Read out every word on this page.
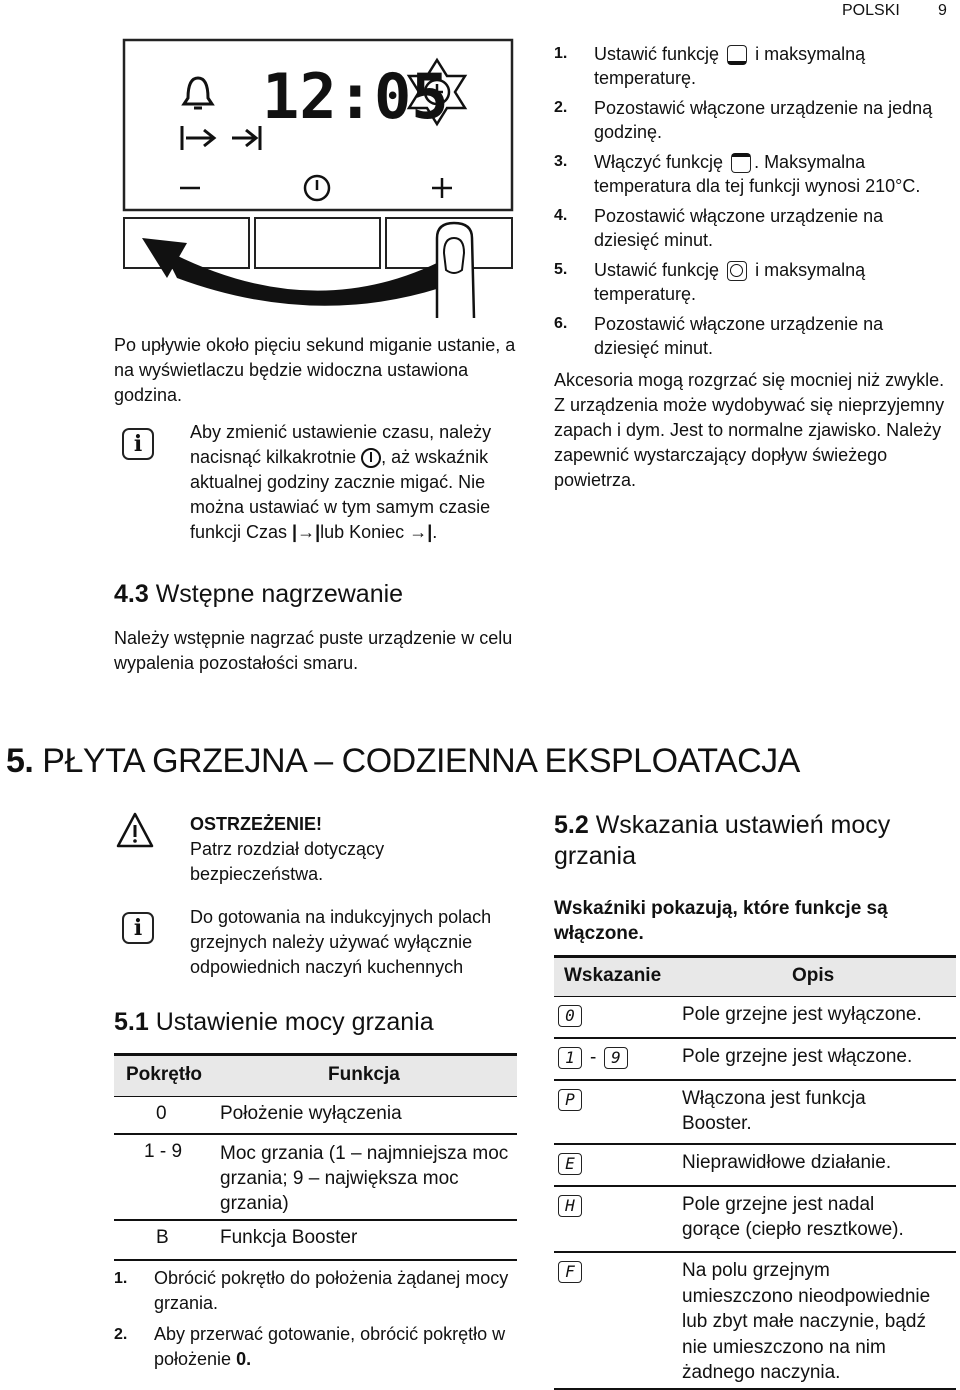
POLSKI 9
12:05
Po upływie około pięciu sekund miganie ustanie, a na wyświetlaczu będzie widoczna ustawiona godzina.
i	Aby zmienić ustawienie czasu, należy
nacisnąć kilkakrotnie , aż wskaźnik
aktualnej godziny zacznie migać. Nie
można ustawiać w tym samym czasie
funkcji Czas |→|lub Koniec →|.
4.3 Wstępne nagrzewanie
Należy wstępnie nagrzać puste urządzenie w celu wypalenia pozostałości smaru.
1. Ustawić funkcję i maksymalną temperaturę.
2. Pozostawić włączone urządzenie na jedną godzinę.
3. Włączyć funkcję . Maksymalna temperatura dla tej funkcji wynosi 210°C.
4. Pozostawić włączone urządzenie na dziesięć minut.
5. Ustawić funkcję i maksymalną temperaturę.
6. Pozostawić włączone urządzenie na dziesięć minut.
Akcesoria mogą rozgrzać się mocniej niż zwykle. Z urządzenia może wydobywać się nieprzyjemny zapach i dym. Jest to normalne zjawisko. Należy zapewnić wystarczający dopływ świeżego powietrza.
5. PŁYTA GRZEJNA – CODZIENNA EKSPLOATACJA
OSTRZEŻENIE!
Patrz rozdział dotyczący bezpieczeństwa.
i	Do gotowania na indukcyjnych polach grzejnych należy używać wyłącznie odpowiednich naczyń kuchennych
5.1 Ustawienie mocy grzania
Pokrętło	Funkcja
0	Położenie wyłączenia
1 - 9 Moc grzania (1 – najmniejsza moc grzania; 9 – największa moc grzania)
B	Funkcja Booster
1. Obrócić pokrętło do położenia żądanej mocy grzania.
2. Aby przerwać gotowanie, obrócić pokrętło w położenie 0.
5.2 Wskazania ustawień mocy grzania
Wskaźniki pokazują, które funkcje są włączone.
Wskazanie	Opis
0	Pole grzejne jest wyłączone.
1 - 9	Pole grzejne jest włączone.
P	Włączona jest funkcja Booster.
E	Nieprawidłowe działanie.
H	Pole grzejne jest nadal gorące (ciepło resztkowe).
F	Na polu grzejnym umieszczono nieodpowiednie lub zbyt małe naczynie, bądź nie umieszczono na nim żadnego naczynia.
